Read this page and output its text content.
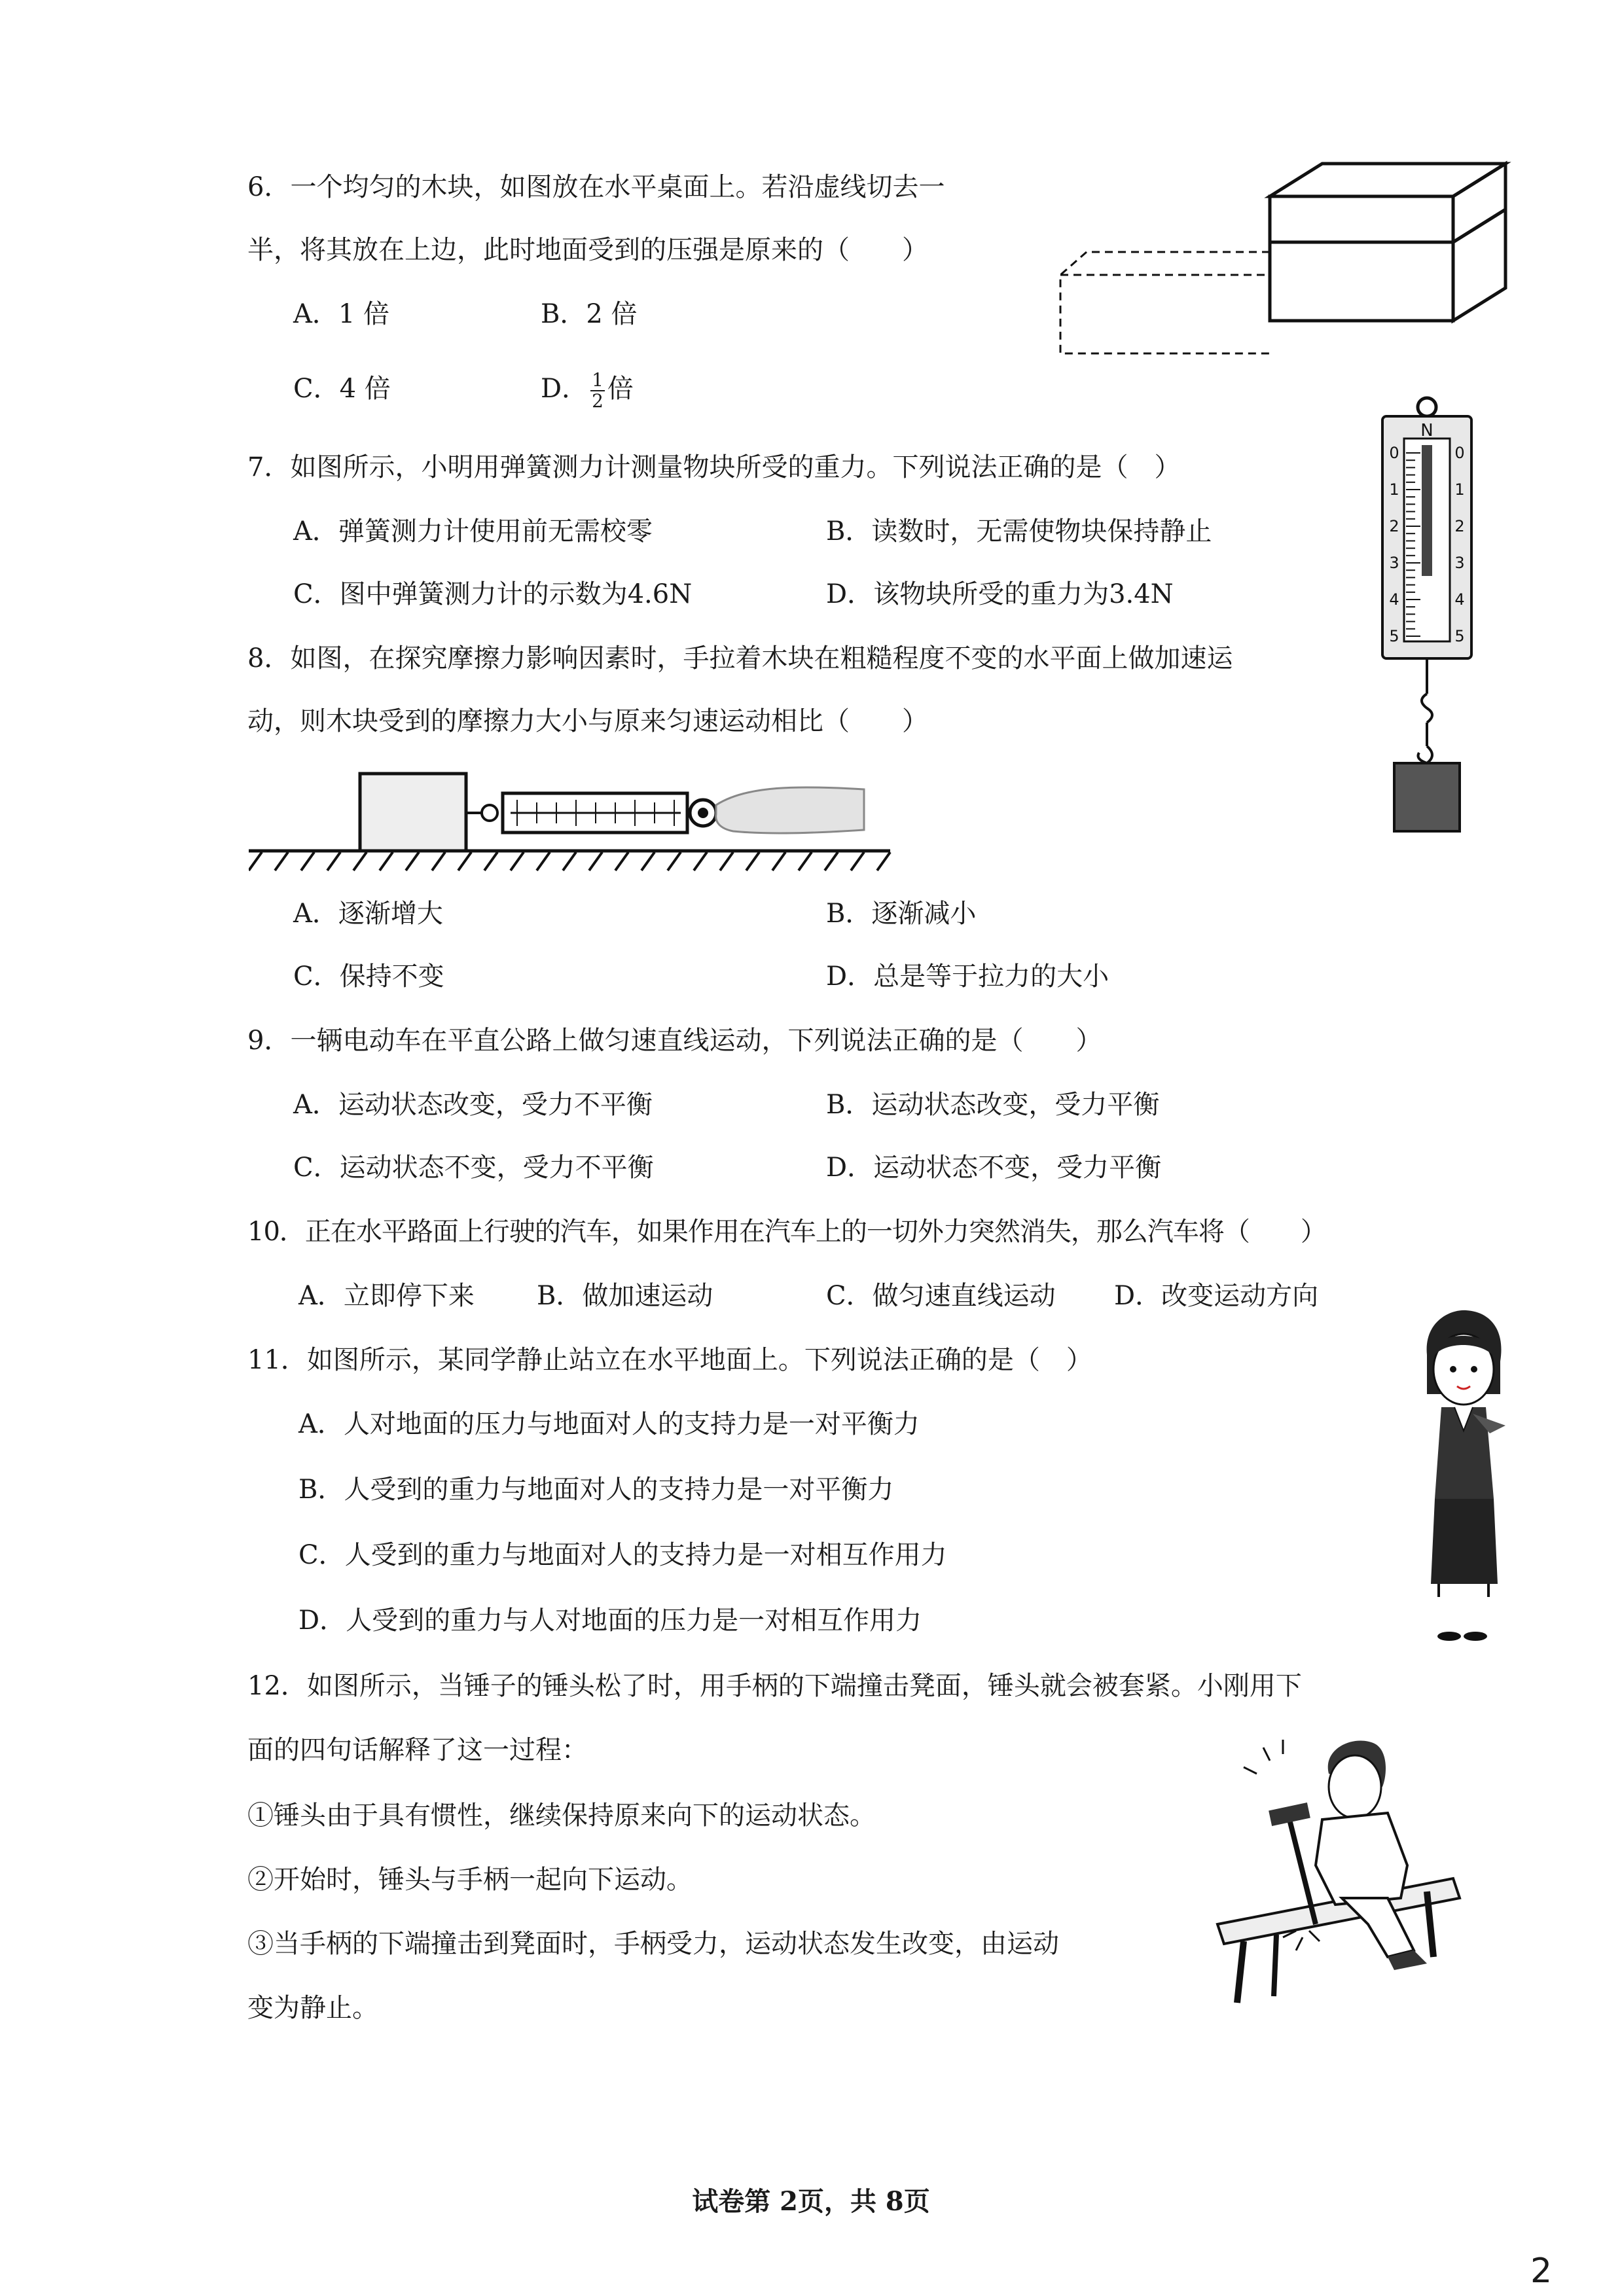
6．一个均匀的木块，如图放在水平桌面上。若沿虚线切去一
半，将其放在上边，此时地面受到的压强是原来的（　　）
A．1 倍	B．2 倍
C．4 倍	D． $\frac{1}{2}$ 倍
7．如图所示，小明用弹簧测力计测量物块所受的重力。下列说法正确的是（　）
A．弹簧测力计使用前无需校零	B．读数时，无需使物块保持静止
C．图中弹簧测力计的示数为4.6N	D．该物块所受的重力为3.4N
N
0	0
1	1
2	2
3	3
4	4
5	5
8．如图，在探究摩擦力影响因素时，手拉着木块在粗糙程度不变的水平面上做加速运
动，则木块受到的摩擦力大小与原来匀速运动相比（　　）
A．逐渐增大	B．逐渐减小
C．保持不变	D．总是等于拉力的大小
9．一辆电动车在平直公路上做匀速直线运动，下列说法正确的是（　　）
A．运动状态改变，受力不平衡	B．运动状态改变，受力平衡
C．运动状态不变，受力不平衡	D．运动状态不变，受力平衡
10．正在水平路面上行驶的汽车，如果作用在汽车上的一切外力突然消失，那么汽车将（　　）
A．立即停下来 B．做加速运动	C．做匀速直线运动 D．改变运动方向
11．如图所示，某同学静止站立在水平地面上。下列说法正确的是（　）
A．人对地面的压力与地面对人的支持力是一对平衡力
B．人受到的重力与地面对人的支持力是一对平衡力
C．人受到的重力与地面对人的支持力是一对相互作用力
D．人受到的重力与人对地面的压力是一对相互作用力
12．如图所示，当锤子的锤头松了时，用手柄的下端撞击凳面，锤头就会被套紧。小刚用下
面的四句话解释了这一过程：
①锤头由于具有惯性，继续保持原来向下的运动状态。
②开始时，锤头与手柄一起向下运动。
③当手柄的下端撞击到凳面时，手柄受力，运动状态发生改变，由运动
变为静止。
试卷第 2页，共 8页
2
